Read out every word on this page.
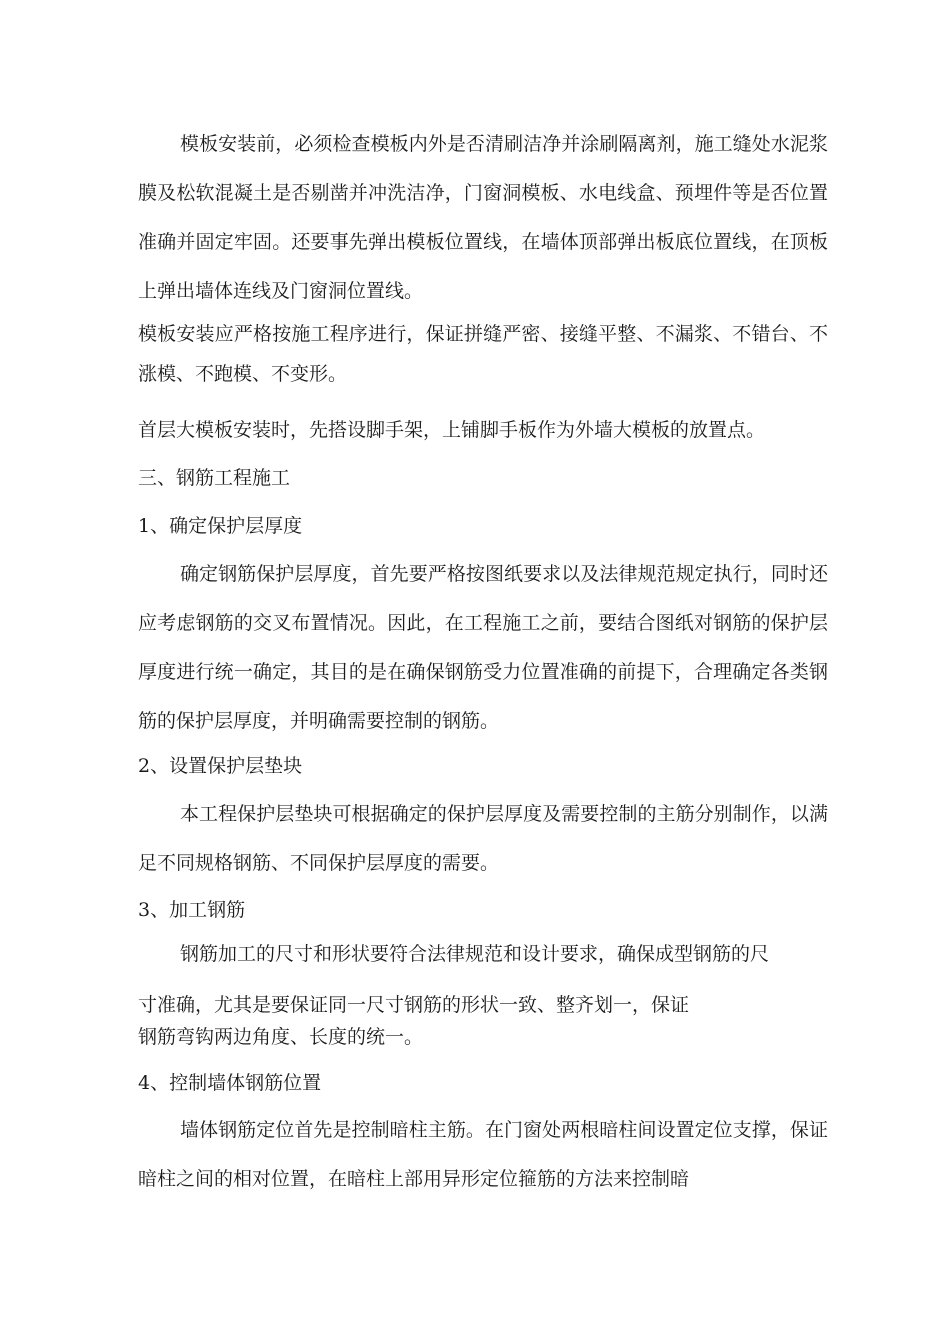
模板安装前，必须检查模板内外是否清刷洁净并涂刷隔离剂，施工缝处水泥浆膜及松软混凝土是否剔凿并冲洗洁净，门窗洞模板、水电线盒、预埋件等是否位置准确并固定牢固。还要事先弹出模板位置线，在墙体顶部弹出板底位置线，在顶板上弹出墙体连线及门窗洞位置线。

模板安装应严格按施工程序进行，保证拼缝严密、接缝平整、不漏浆、不错台、不涨模、不跑模、不变形。

首层大模板安装时，先搭设脚手架，上铺脚手板作为外墙大模板的放置点。

三、钢筋工程施工

1、确定保护层厚度

确定钢筋保护层厚度，首先要严格按图纸要求以及法律规范规定执行，同时还应考虑钢筋的交叉布置情况。因此，在工程施工之前，要结合图纸对钢筋的保护层厚度进行统一确定，其目的是在确保钢筋受力位置准确的前提下，合理确定各类钢筋的保护层厚度，并明确需要控制的钢筋。

2、设置保护层垫块

本工程保护层垫块可根据确定的保护层厚度及需要控制的主筋分别制作，以满足不同规格钢筋、不同保护层厚度的需要。

3、加工钢筋

钢筋加工的尺寸和形状要符合法律规范和设计要求，确保成型钢筋的尺

寸准确，尤其是要保证同一尺寸钢筋的形状一致、整齐划一，保证

钢筋弯钩两边角度、长度的统一。

4、控制墙体钢筋位置

墙体钢筋定位首先是控制暗柱主筋。在门窗处两根暗柱间设置定位支撑，保证暗柱之间的相对位置，在暗柱上部用异形定位箍筋的方法来控制暗
